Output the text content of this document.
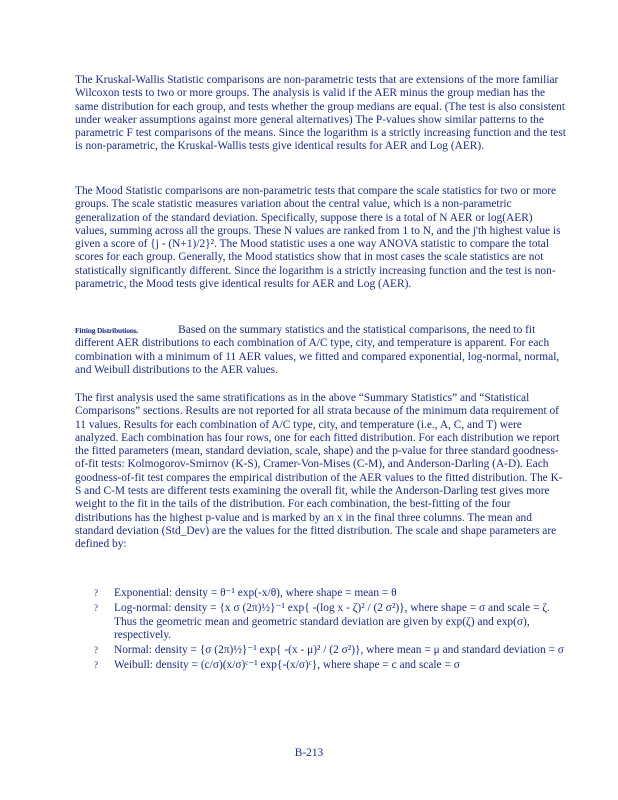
The Kruskal-Wallis Statistic comparisons are non-parametric tests that are extensions of the more familiar Wilcoxon tests to two or more groups. The analysis is valid if the AER minus the group median has the same distribution for each group, and tests whether the group medians are equal. (The test is also consistent under weaker assumptions against more general alternatives) The P-values show similar patterns to the parametric F test comparisons of the means. Since the logarithm is a strictly increasing function and the test is non-parametric, the Kruskal-Wallis tests give identical results for AER and Log (AER).

The Mood Statistic comparisons are non-parametric tests that compare the scale statistics for two or more groups. The scale statistic measures variation about the central value, which is a non-parametric generalization of the standard deviation. Specifically, suppose there is a total of N AER or log(AER) values, summing across all the groups. These N values are ranked from 1 to N, and the j'th highest value is given a score of {j - (N+1)/2}². The Mood statistic uses a one way ANOVA statistic to compare the total scores for each group. Generally, the Mood statistics show that in most cases the scale statistics are not statistically significantly different. Since the logarithm is a strictly increasing function and the test is non-parametric, the Mood tests give identical results for AER and Log (AER).

Fitting Distributions.	Based on the summary statistics and the statistical comparisons, the need to fit different AER distributions to each combination of A/C type, city, and temperature is apparent. For each combination with a minimum of 11 AER values, we fitted and compared exponential, log-normal, normal, and Weibull distributions to the AER values.

The first analysis used the same stratifications as in the above “Summary Statistics” and “Statistical Comparisons” sections. Results are not reported for all strata because of the minimum data requirement of 11 values. Results for each combination of A/C type, city, and temperature (i.e., A, C, and T) were analyzed. Each combination has four rows, one for each fitted distribution. For each distribution we report the fitted parameters (mean, standard deviation, scale, shape) and the p-value for three standard goodness-of-fit tests: Kolmogorov-Smirnov (K-S), Cramer-Von-Mises (C-M), and Anderson-Darling (A-D). Each goodness-of-fit test compares the empirical distribution of the AER values to the fitted distribution. The K-S and C-M tests are different tests examining the overall fit, while the Anderson-Darling test gives more weight to the fit in the tails of the distribution. For each combination, the best-fitting of the four distributions has the highest p-value and is marked by an x in the final three columns. The mean and standard deviation (Std_Dev) are the values for the fitted distribution. The scale and shape parameters are defined by:

? Exponential: density = θ⁻¹ exp(-x/θ), where shape = mean = θ
? Log-normal: density = {x σ (2π)½}⁻¹ exp{ -(log x - ζ)² / (2 σ²)}, where shape = σ and scale = ζ. Thus the geometric mean and geometric standard deviation are given by exp(ζ) and exp(σ), respectively.
? Normal: density = {σ (2π)½}⁻¹ exp{ -(x - μ)² / (2 σ²)}, where mean = μ and standard deviation = σ
? Weibull: density = (c/σ)(x/σ)ᶜ⁻¹ exp{-(x/σ)ᶜ}, where shape = c and scale = σ
B-213
